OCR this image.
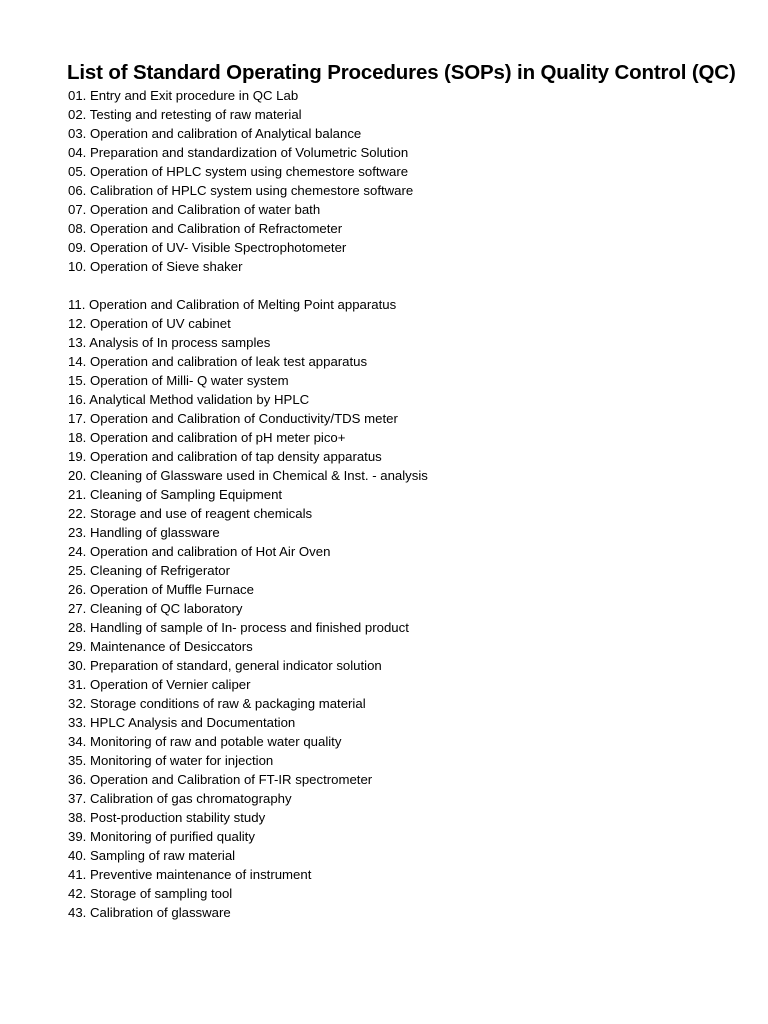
List of Standard Operating Procedures (SOPs) in Quality Control (QC)
01. Entry and Exit procedure in QC Lab
02. Testing and retesting of raw material
03. Operation and calibration of Analytical balance
04. Preparation and standardization of Volumetric Solution
05. Operation of HPLC system using chemestore software
06. Calibration of HPLC system using chemestore software
07. Operation and Calibration of water bath
08. Operation and Calibration of Refractometer
09. Operation of UV- Visible Spectrophotometer
10. Operation of Sieve shaker
11. Operation and Calibration of Melting Point apparatus
12. Operation of UV cabinet
13. Analysis of In process samples
14. Operation and calibration of leak test apparatus
15. Operation of Milli- Q water system
16. Analytical Method validation by HPLC
17. Operation and Calibration of Conductivity/TDS meter
18. Operation and calibration of pH meter pico+
19. Operation and calibration of tap density apparatus
20. Cleaning of Glassware used in Chemical & Inst. - analysis
21. Cleaning of Sampling Equipment
22. Storage and use of reagent chemicals
23. Handling of glassware
24. Operation and calibration of Hot Air Oven
25. Cleaning of Refrigerator
26. Operation of Muffle Furnace
27. Cleaning of QC laboratory
28. Handling of sample of In- process and finished product
29. Maintenance of Desiccators
30. Preparation of standard, general indicator solution
31. Operation of Vernier caliper
32. Storage conditions of raw & packaging material
33. HPLC Analysis and Documentation
34. Monitoring of raw and potable water quality
35. Monitoring of water for injection
36. Operation and Calibration of FT-IR spectrometer
37. Calibration of gas chromatography
38. Post-production stability study
39. Monitoring of purified quality
40. Sampling of raw material
41. Preventive maintenance of instrument
42. Storage of sampling tool
43. Calibration of glassware
